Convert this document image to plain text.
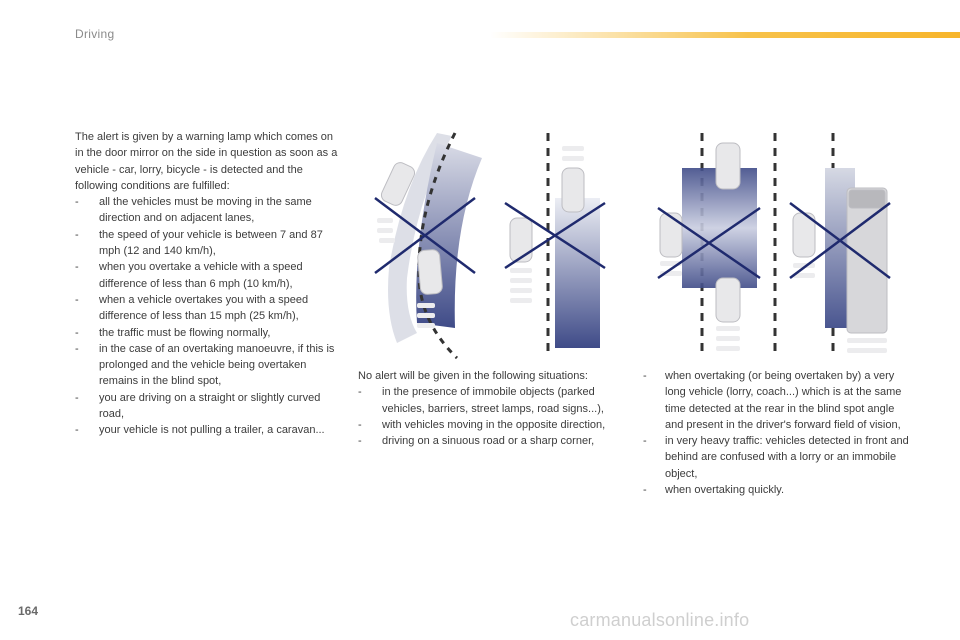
Driving

The alert is given by a warning lamp which comes on in the door mirror on the side in question as soon as a vehicle - car, lorry, bicycle - is detected and the following conditions are fulfilled:

- all the vehicles must be moving in the same direction and on adjacent lanes,
- the speed of your vehicle is between 7 and 87 mph (12 and 140 km/h),
- when you overtake a vehicle with a speed difference of less than 6 mph (10 km/h),
- when a vehicle overtakes you with a speed difference of less than 15 mph (25 km/h),
- the traffic must be flowing normally,
- in the case of an overtaking manoeuvre, if this is prolonged and the vehicle being overtaken remains in the blind spot,
- you are driving on a straight or slightly curved road,
- your vehicle is not pulling a trailer, a caravan...

No alert will be given in the following situations:

- in the presence of immobile objects (parked vehicles, barriers, street lamps, road signs...),
- with vehicles moving in the opposite direction,
- driving on a sinuous road or a sharp corner,
- when overtaking (or being overtaken by) a very long vehicle (lorry, coach...) which is at the same time detected at the rear in the blind spot angle and present in the driver's forward field of vision,
- in very heavy traffic: vehicles detected in front and behind are confused with a lorry or an immobile object,
- when overtaking quickly.
164	carmanualsonline.info
